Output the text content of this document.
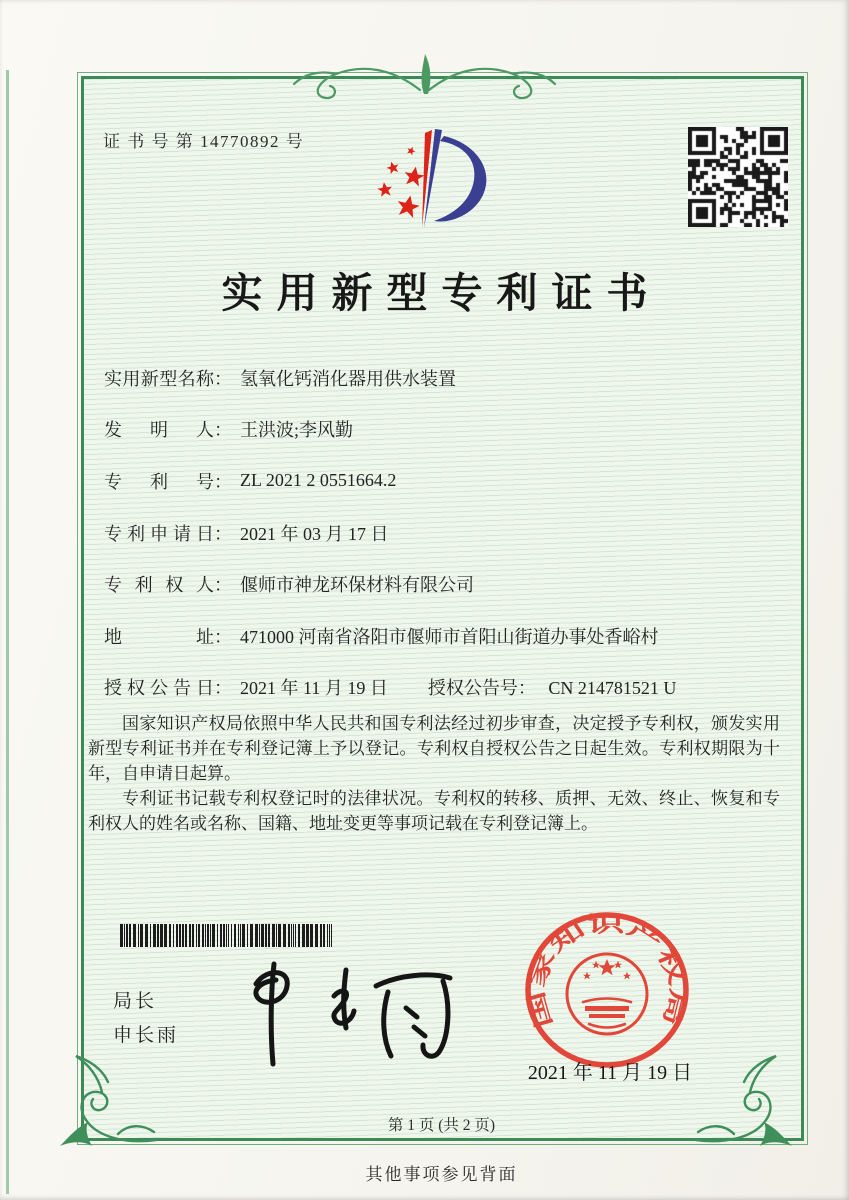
证 书 号 第 14770892 号
实用新型专利证书
实用新型名称 ： 氢氧化钙消化器用供水装置
发明人 ： 王洪波;李风勤
专利号 ： ZL 2021 2 0551664.2
专利申请日 ： 2021 年 03 月 17 日
专利权人 ： 偃师市神龙环保材料有限公司
地址 ： 471000 河南省洛阳市偃师市首阳山街道办事处香峪村
授权公告日 ： 2021 年 11 月 19 日 授权公告号： CN 214781521 U

国家知识产权局依照中华人民共和国专利法经过初步审查，决定授予专利权，颁发实用新型专利证书并在专利登记簿上予以登记。专利权自授权公告之日起生效。专利权期限为十年，自申请日起算。

专利证书记载专利权登记时的法律状况。专利权的转移、质押、无效、终止、恢复和专利权人的姓名或名称、国籍、地址变更等事项记载在专利登记簿上。

局长
申长雨
国家知识产权局
2021 年 11 月 19 日
第 1 页 (共 2 页)
其他事项参见背面
